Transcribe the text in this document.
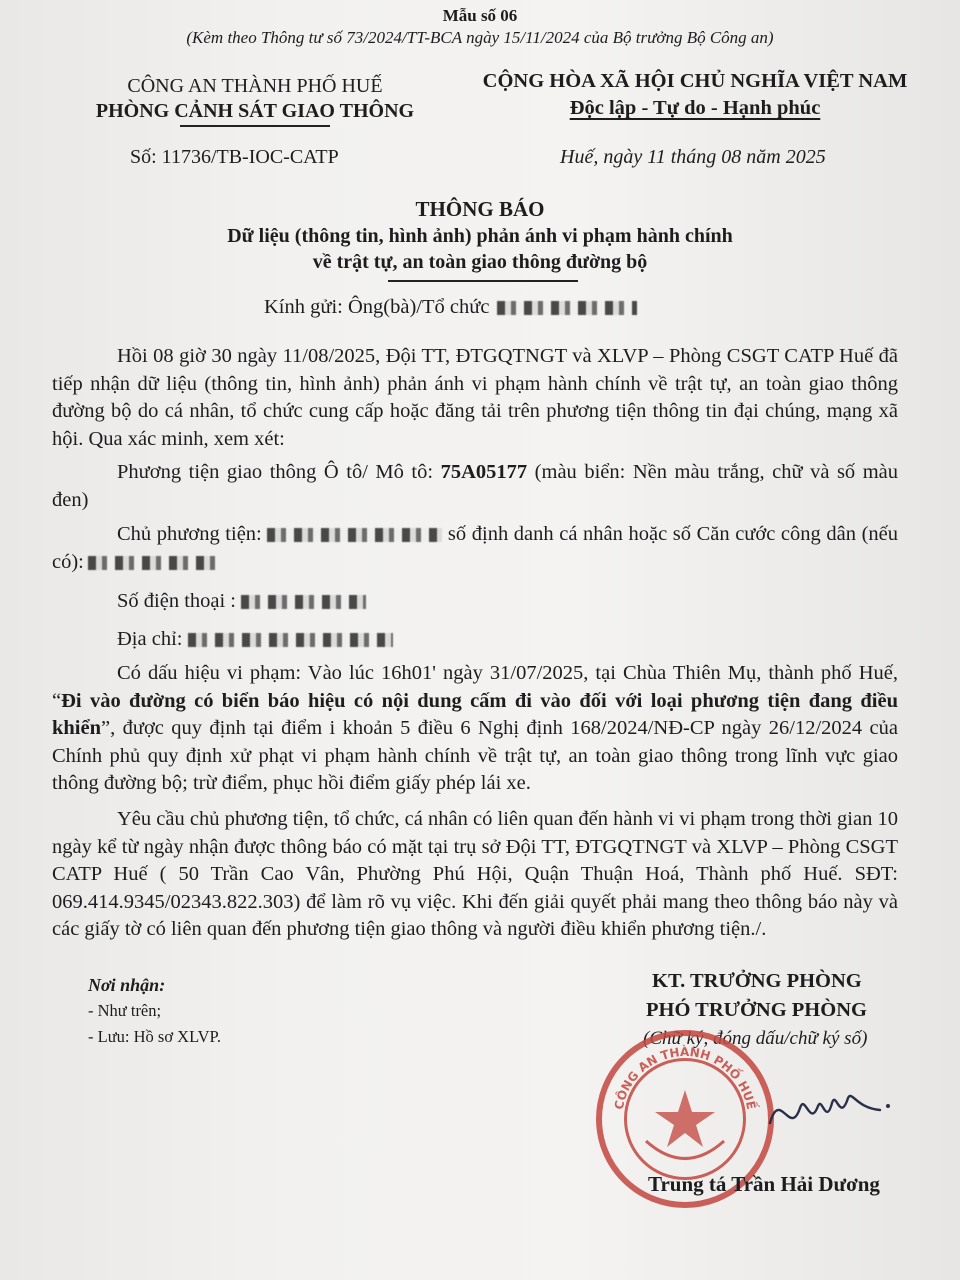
Mẫu số 06
(Kèm theo Thông tư số 73/2024/TT-BCA ngày 15/11/2024 của Bộ trưởng Bộ Công an)
CÔNG AN THÀNH PHỐ HUẾ
PHÒNG CẢNH SÁT GIAO THÔNG
CỘNG HÒA XÃ HỘI CHỦ NGHĨA VIỆT NAM
Độc lập - Tự do - Hạnh phúc
Số: 11736/TB-IOC-CATP	Huế, ngày 11 tháng 08 năm 2025
THÔNG BÁO
Dữ liệu (thông tin, hình ảnh) phản ánh vi phạm hành chính
về trật tự, an toàn giao thông đường bộ
Kính gửi: Ông(bà)/Tổ chức
Hồi 08 giờ 30 ngày 11/08/2025, Đội TT, ĐTGQTNGT và XLVP – Phòng CSGT CATP Huế đã tiếp nhận dữ liệu (thông tin, hình ảnh) phản ánh vi phạm hành chính về trật tự, an toàn giao thông đường bộ do cá nhân, tổ chức cung cấp hoặc đăng tải trên phương tiện thông tin đại chúng, mạng xã hội. Qua xác minh, xem xét:
Phương tiện giao thông Ô tô/ Mô tô: 75A05177 (màu biển: Nền màu trắng, chữ và số màu đen)
Chủ phương tiện:	số định danh cá nhân hoặc số Căn cước công dân (nếu có):
Số điện thoại :
Địa chỉ:
Có dấu hiệu vi phạm: Vào lúc 16h01' ngày 31/07/2025, tại Chùa Thiên Mụ, thành phố Huế, “Đi vào đường có biển báo hiệu có nội dung cấm đi vào đối với loại phương tiện đang điều khiển”, được quy định tại điểm i khoản 5 điều 6 Nghị định 168/2024/NĐ-CP ngày 26/12/2024 của Chính phủ quy định xử phạt vi phạm hành chính về trật tự, an toàn giao thông trong lĩnh vực giao thông đường bộ; trừ điểm, phục hồi điểm giấy phép lái xe.
Yêu cầu chủ phương tiện, tổ chức, cá nhân có liên quan đến hành vi vi phạm trong thời gian 10 ngày kể từ ngày nhận được thông báo có mặt tại trụ sở Đội TT, ĐTGQTNGT và XLVP – Phòng CSGT CATP Huế ( 50 Trần Cao Vân, Phường Phú Hội, Quận Thuận Hoá, Thành phố Huế. SĐT: 069.414.9345/02343.822.303) để làm rõ vụ việc. Khi đến giải quyết phải mang theo thông báo này và các giấy tờ có liên quan đến phương tiện giao thông và người điều khiển phương tiện./.
Nơi nhận:
- Như trên;
- Lưu: Hồ sơ XLVP.
KT. TRƯỞNG PHÒNG
PHÓ TRƯỞNG PHÒNG
(Chữ ký, đóng dấu/chữ ký số)
CÔNG AN THÀNH PHỐ HUẾ
Trung tá Trần Hải Dương
